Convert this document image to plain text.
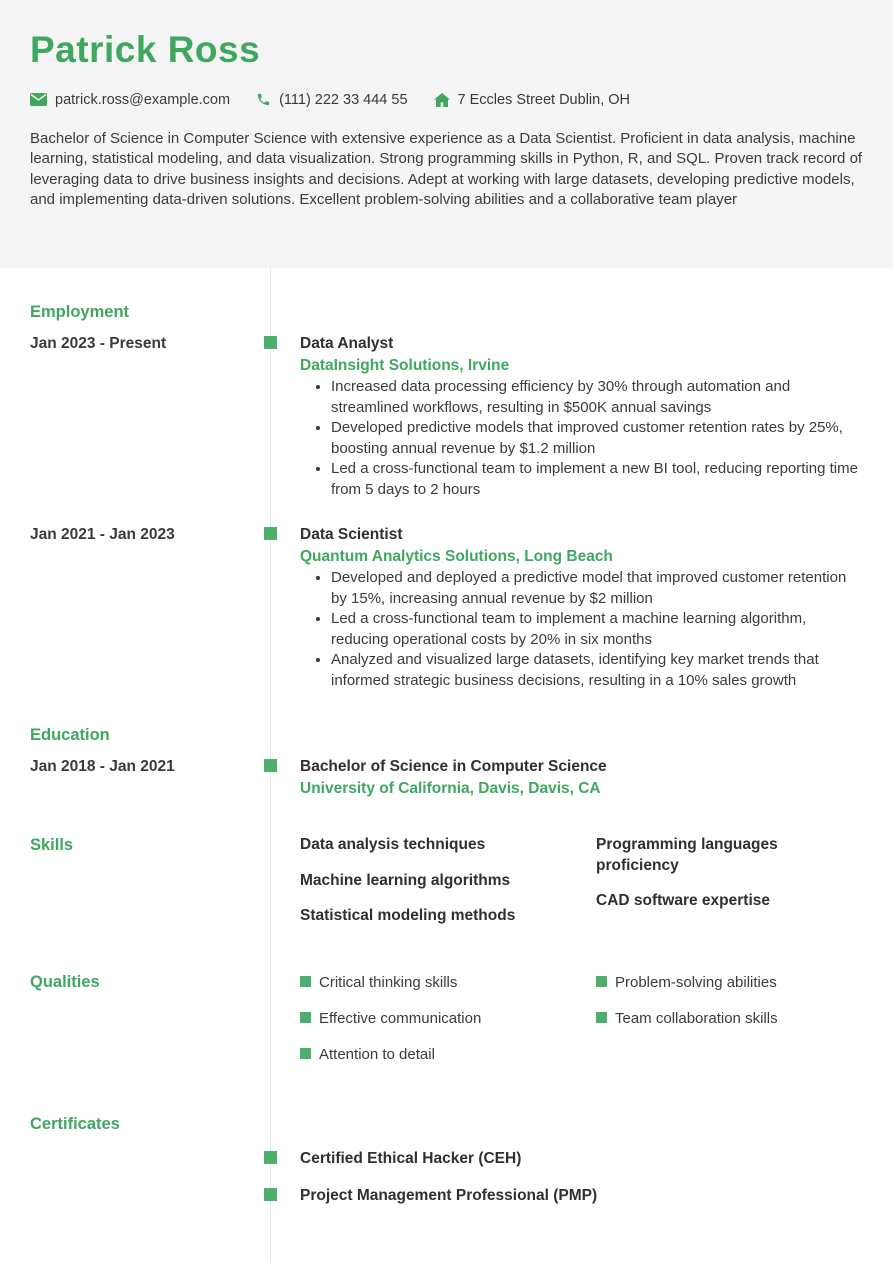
Patrick Ross
patrick.ross@example.com	(111) 222 33 444 55	7 Eccles Street Dublin, OH

Bachelor of Science in Computer Science with extensive experience as a Data Scientist. Proficient in data analysis, machine learning, statistical modeling, and data visualization. Strong programming skills in Python, R, and SQL. Proven track record of leveraging data to drive business insights and decisions. Adept at working with large datasets, developing predictive models, and implementing data-driven solutions. Excellent problem-solving abilities and a collaborative team player

Employment
Jan 2023 - Present	Data Analyst
DataInsight Solutions, Irvine
• Increased data processing efficiency by 30% through automation and streamlined workflows, resulting in $500K annual savings
• Developed predictive models that improved customer retention rates by 25%, boosting annual revenue by $1.2 million
• Led a cross-functional team to implement a new BI tool, reducing reporting time from 5 days to 2 hours
Jan 2021 - Jan 2023	Data Scientist
Quantum Analytics Solutions, Long Beach
• Developed and deployed a predictive model that improved customer retention by 15%, increasing annual revenue by $2 million
• Led a cross-functional team to implement a machine learning algorithm, reducing operational costs by 20% in six months
• Analyzed and visualized large datasets, identifying key market trends that informed strategic business decisions, resulting in a 10% sales growth
Education
Jan 2018 - Jan 2021	Bachelor of Science in Computer Science
University of California, Davis, Davis, CA
Skills	Data analysis techniques
Machine learning algorithms
Statistical modeling methods
Programming languages proficiency
CAD software expertise
Qualities	Critical thinking skills
Effective communication
Attention to detail
Problem-solving abilities
Team collaboration skills
Certificates
Certified Ethical Hacker (CEH)
Project Management Professional (PMP)
